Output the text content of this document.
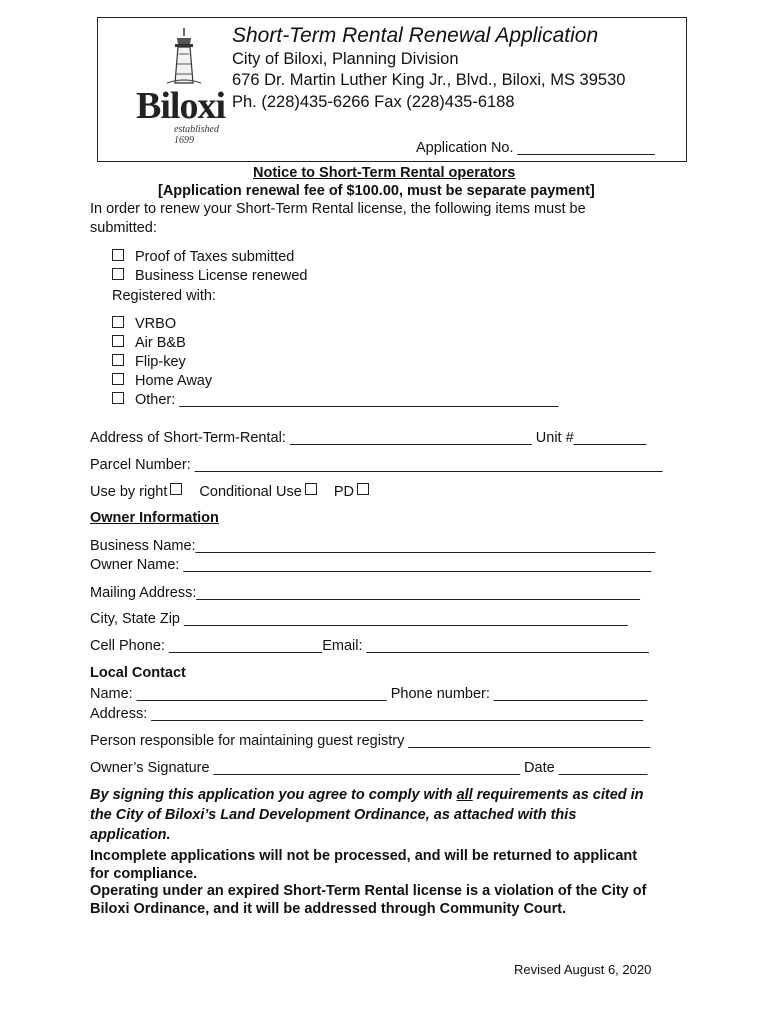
Biloxi
established 1699
Short-Term Rental Renewal Application
City of Biloxi, Planning Division
676 Dr. Martin Luther King Jr., Blvd., Biloxi, MS 39530
Ph. (228)435-6266 Fax (228)435-6188
Application No. _________________
Notice to Short-Term Rental operators
[Application renewal fee of $100.00, must be separate payment]
In order to renew your Short-Term Rental license, the following items must be
submitted:
Proof of Taxes submitted
Business License renewed
Registered with:
VRBO
Air B&B
Flip-key
Home Away
Other: _______________________________________________
Address of Short-Term-Rental: ______________________________ Unit #_________
Parcel Number: __________________________________________________________
Use by right Conditional Use PD
Owner Information
Business Name:_________________________________________________________
Owner Name: __________________________________________________________
Mailing Address:_______________________________________________________
City, State Zip _______________________________________________________
Cell Phone: ___________________Email: ___________________________________
Local Contact
Name: _______________________________ Phone number: ___________________
Address: _____________________________________________________________
Person responsible for maintaining guest registry ______________________________
Owner’s Signature ______________________________________ Date ___________
By signing this application you agree to comply with all requirements as cited in
the City of Biloxi’s Land Development Ordinance, as attached with this
application.
Incomplete applications will not be processed, and will be returned to applicant
for compliance.
Operating under an expired Short-Term Rental license is a violation of the City of
Biloxi Ordinance, and it will be addressed through Community Court.
Revised August 6, 2020
